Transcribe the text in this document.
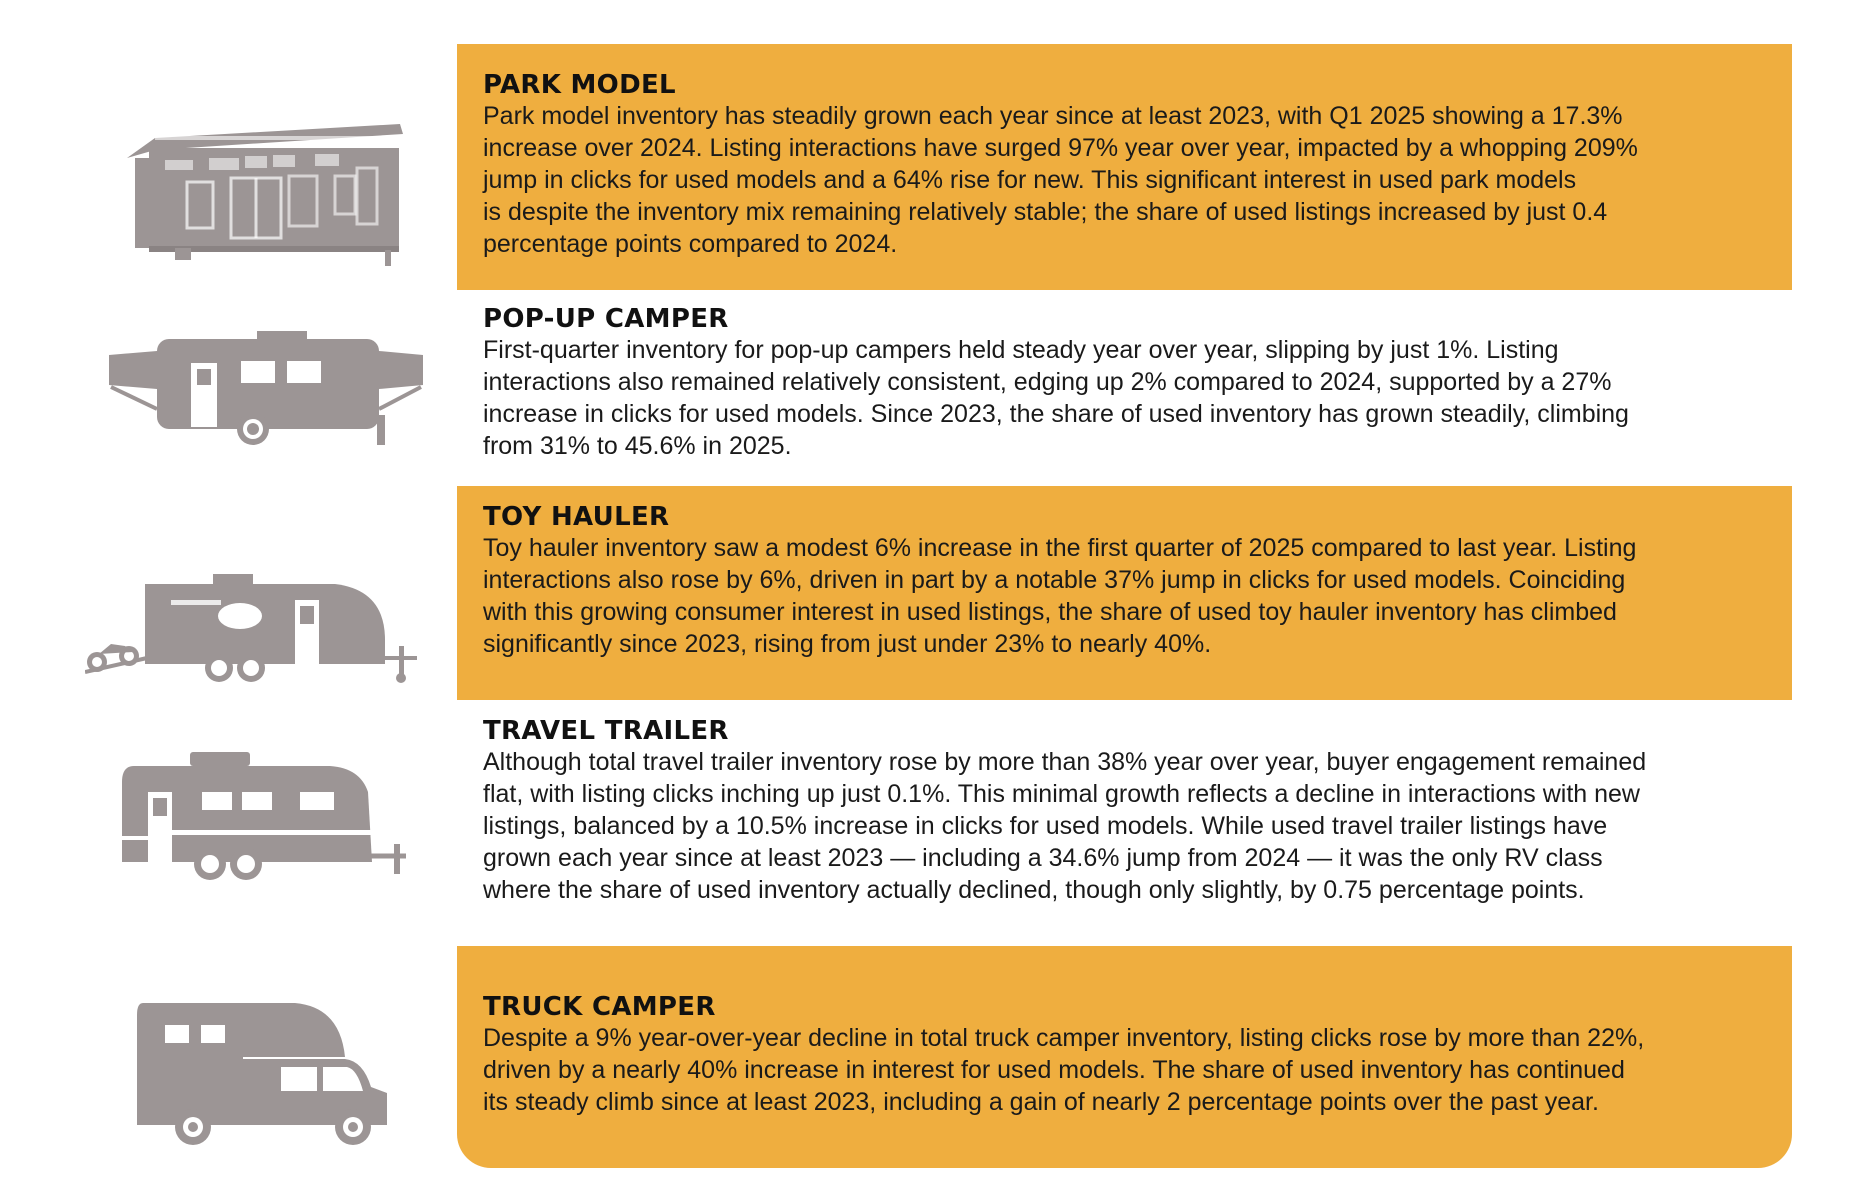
PARK MODEL
Park model inventory has steadily grown each year since at least 2023, with Q1 2025 showing a 17.3%
increase over 2024. Listing interactions have surged 97% year over year, impacted by a whopping 209%
jump in clicks for used models and a 64% rise for new. This significant interest in used park models
is despite the inventory mix remaining relatively stable; the share of used listings increased by just 0.4
percentage points compared to 2024.
POP-UP CAMPER
First-quarter inventory for pop-up campers held steady year over year, slipping by just 1%. Listing
interactions also remained relatively consistent, edging up 2% compared to 2024, supported by a 27%
increase in clicks for used models. Since 2023, the share of used inventory has grown steadily, climbing
from 31% to 45.6% in 2025.
TOY HAULER
Toy hauler inventory saw a modest 6% increase in the first quarter of 2025 compared to last year. Listing
interactions also rose by 6%, driven in part by a notable 37% jump in clicks for used models. Coinciding
with this growing consumer interest in used listings, the share of used toy hauler inventory has climbed
significantly since 2023, rising from just under 23% to nearly 40%.
TRAVEL TRAILER
Although total travel trailer inventory rose by more than 38% year over year, buyer engagement remained
flat, with listing clicks inching up just 0.1%. This minimal growth reflects a decline in interactions with new
listings, balanced by a 10.5% increase in clicks for used models. While used travel trailer listings have
grown each year since at least 2023 — including a 34.6% jump from 2024 — it was the only RV class
where the share of used inventory actually declined, though only slightly, by 0.75 percentage points.
TRUCK CAMPER
Despite a 9% year-over-year decline in total truck camper inventory, listing clicks rose by more than 22%,
driven by a nearly 40% increase in interest for used models. The share of used inventory has continued
its steady climb since at least 2023, including a gain of nearly 2 percentage points over the past year.
